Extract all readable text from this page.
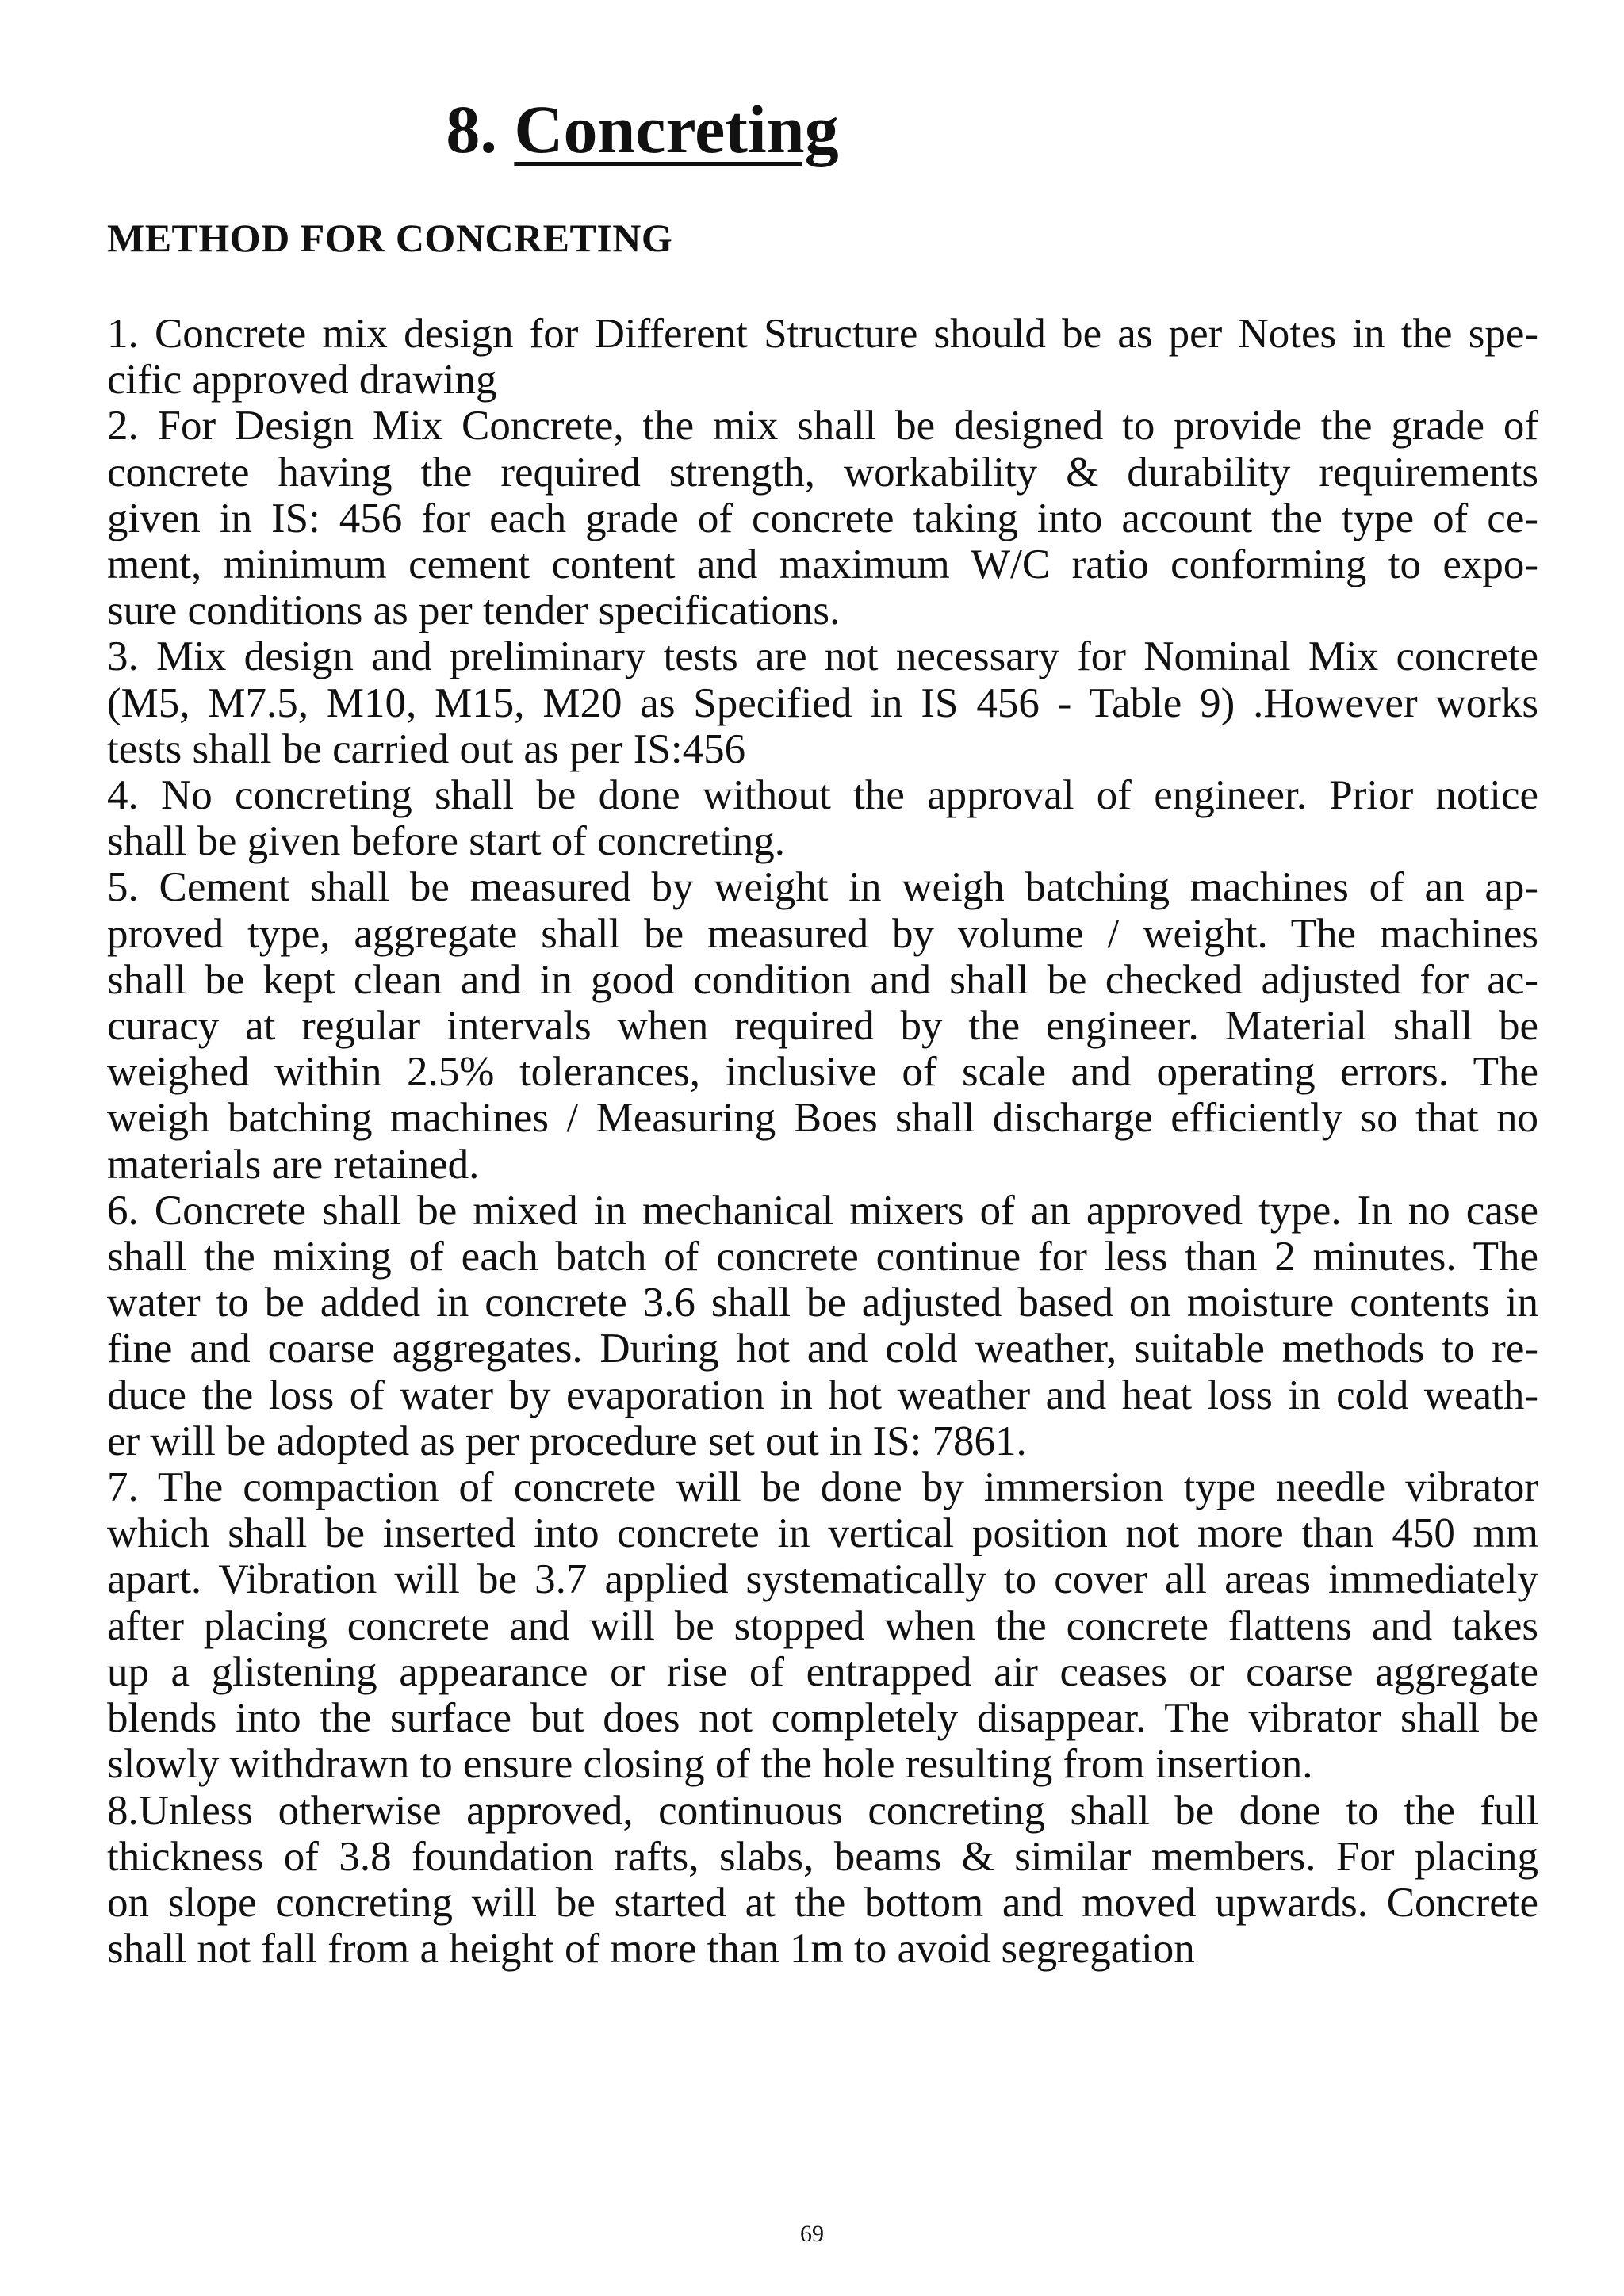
8. Concreting
METHOD FOR CONCRETING
1. Concrete mix design for Different Structure should be as per Notes in the spe-
cific approved drawing
2. For Design Mix Concrete, the mix shall be designed to provide the grade of
concrete having the required strength, workability & durability requirements
given in IS: 456 for each grade of concrete taking into account the type of ce-
ment, minimum cement content and maximum W/C ratio conforming to expo-
sure conditions as per tender specifications.
3. Mix design and preliminary tests are not necessary for Nominal Mix concrete
(M5, M7.5, M10, M15, M20 as Specified in IS 456 - Table 9) .However works
tests shall be carried out as per IS:456
4. No concreting shall be done without the approval of engineer. Prior notice
shall be given before start of concreting.
5. Cement shall be measured by weight in weigh batching machines of an ap-
proved type, aggregate shall be measured by volume / weight. The machines
shall be kept clean and in good condition and shall be checked adjusted for ac-
curacy at regular intervals when required by the engineer. Material shall be
weighed within 2.5% tolerances, inclusive of scale and operating errors. The
weigh batching machines / Measuring Boes shall discharge efficiently so that no
materials are retained.
6. Concrete shall be mixed in mechanical mixers of an approved type. In no case
shall the mixing of each batch of concrete continue for less than 2 minutes. The
water to be added in concrete 3.6 shall be adjusted based on moisture contents in
fine and coarse aggregates. During hot and cold weather, suitable methods to re-
duce the loss of water by evaporation in hot weather and heat loss in cold weath-
er will be adopted as per procedure set out in IS: 7861.
7. The compaction of concrete will be done by immersion type needle vibrator
which shall be inserted into concrete in vertical position not more than 450 mm
apart. Vibration will be 3.7 applied systematically to cover all areas immediately
after placing concrete and will be stopped when the concrete flattens and takes
up a glistening appearance or rise of entrapped air ceases or coarse aggregate
blends into the surface but does not completely disappear. The vibrator shall be
slowly withdrawn to ensure closing of the hole resulting from insertion.
8.Unless otherwise approved, continuous concreting shall be done to the full
thickness of 3.8 foundation rafts, slabs, beams & similar members. For placing
on slope concreting will be started at the bottom and moved upwards. Concrete
shall not fall from a height of more than 1m to avoid segregation
69
